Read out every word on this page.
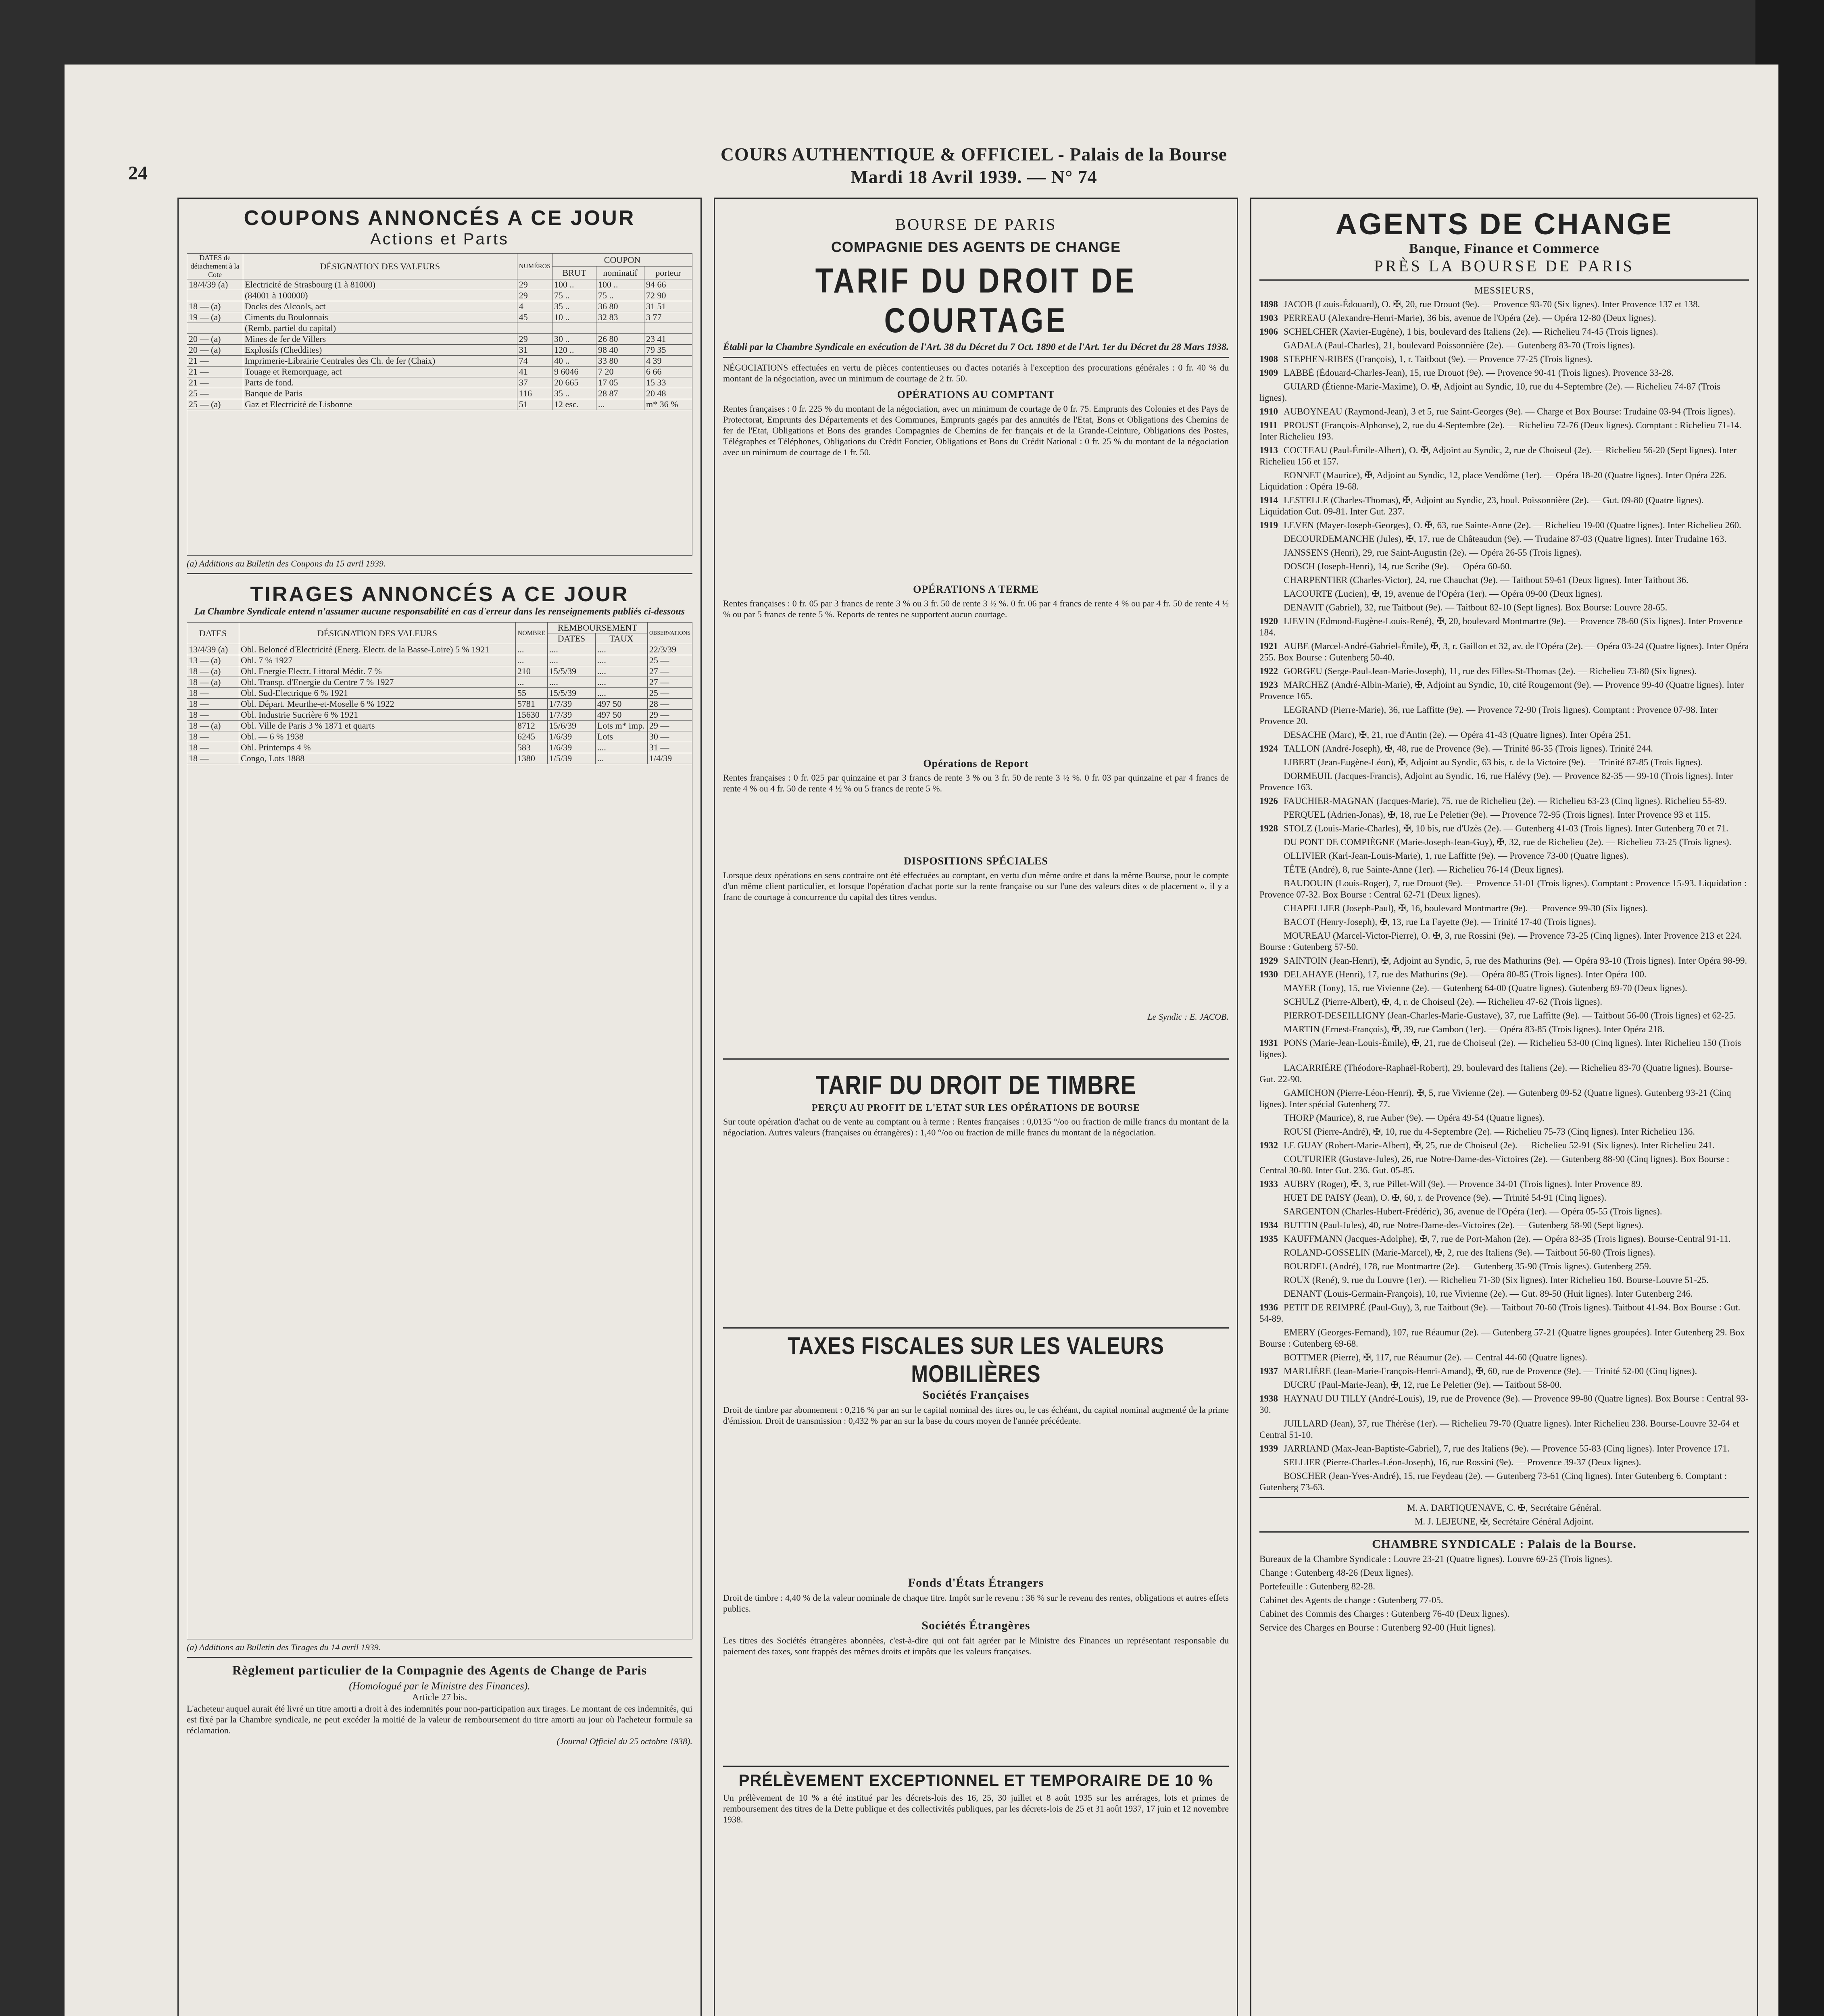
24
COURS AUTHENTIQUE & OFFICIEL - Palais de la Bourse
Mardi 18 Avril 1939. — N° 74
COUPONS ANNONCÉS A CE JOUR
Actions et Parts
DATES de détachement à la Cote	DÉSIGNATION DES VALEURS	NUMÉROS	COUPON		
			BRUT	nominatif	porteur
18/4/39 (a)	Electricité de Strasbourg (1 à 81000)	29	100 ..	100 ..	94 66
	(84001 à 100000)	29	75 ..	75 ..	72 90
18 — (a)	Docks des Alcools, act	4	35 ..	36 80	31 51
19 — (a)	Ciments du Boulonnais	45	10 ..	32 83	3 77
	(Remb. partiel du capital)				
20 — (a)	Mines de fer de Villers	29	30 ..	26 80	23 41
20 — (a)	Explosifs (Cheddites)	31	120 ..	98 40	79 35
21 —	Imprimerie-Librairie Centrales des Ch. de fer (Chaix)	74	40 ..	33 80	4 39
21 —	Touage et Remorquage, act	41	9 6046	7 20	6 66
21 —	Parts de fond.	37	20 665	17 05	15 33
25 —	Banque de Paris	116	35 ..	28 87	20 48
25 — (a)	Gaz et Electricité de Lisbonne	51	12 esc.	...	m* 36 %
(a) Additions au Bulletin des Coupons du 15 avril 1939.
TIRAGES ANNONCÉS A CE JOUR
La Chambre Syndicale entend n'assumer aucune responsabilité en cas d'erreur dans les renseignements publiés ci-dessous
DATES	DÉSIGNATION DES VALEURS	NOMBRE	REMBOURSEMENT		OBSERVATIONS
			DATES	TAUX	
13/4/39 (a)	Obl. Beloncé d'Electricité (Energ. Electr. de la Basse-Loire) 5 % 1921	...	....	....	22/3/39
13 — (a)	Obl. 7 % 1927	...	....	....	25 —
18 — (a)	Obl. Energie Electr. Littoral Médit. 7 %	210	15/5/39	....	27 —
18 — (a)	Obl. Transp. d'Energie du Centre 7 % 1927	...	....	....	27 —
18 —	Obl. Sud-Electrique 6 % 1921	55	15/5/39	....	25 —
18 —	Obl. Départ. Meurthe-et-Moselle 6 % 1922	5781	1/7/39	497 50	28 —
18 —	Obl. Industrie Sucrière 6 % 1921	15630	1/7/39	497 50	29 —
18 — (a)	Obl. Ville de Paris 3 % 1871 et quarts	8712	15/6/39	Lots m* imp.	29 —
18 —	Obl. — 6 % 1938	6245	1/6/39	Lots	30 —
18 —	Obl. Printemps 4 %	583	1/6/39	....	31 —
18 —	Congo, Lots 1888	1380	1/5/39	...	1/4/39
(a) Additions au Bulletin des Tirages du 14 avril 1939.
Règlement particulier de la Compagnie des Agents de Change de Paris
(Homologué par le Ministre des Finances).
Article 27 bis.

L'acheteur auquel aurait été livré un titre amorti a droit à des indemnités pour non-participation aux tirages. Le montant de ces indemnités, qui est fixé par la Chambre syndicale, ne peut excéder la moitié de la valeur de remboursement du titre amorti au jour où l'acheteur formule sa réclamation.

(Journal Officiel du 25 octobre 1938).

BOURSE DE PARIS
COMPAGNIE DES AGENTS DE CHANGE
TARIF DU DROIT DE COURTAGE
Établi par la Chambre Syndicale en exécution de l'Art. 38 du Décret du 7 Oct. 1890 et de l'Art. 1er du Décret du 28 Mars 1938.

NÉGOCIATIONS effectuées en vertu de pièces contentieuses ou d'actes notariés à l'exception des procurations générales : 0 fr. 40 % du montant de la négociation, avec un minimum de courtage de 2 fr. 50.

OPÉRATIONS AU COMPTANT

Rentes françaises : 0 fr. 225 % du montant de la négociation, avec un minimum de courtage de 0 fr. 75. Emprunts des Colonies et des Pays de Protectorat, Emprunts des Départements et des Communes, Emprunts gagés par des annuités de l'Etat, Bons et Obligations des Chemins de fer de l'Etat, Obligations et Bons des grandes Compagnies de Chemins de fer français et de la Grande-Ceinture, Obligations des Postes, Télégraphes et Téléphones, Obligations du Crédit Foncier, Obligations et Bons du Crédit National : 0 fr. 25 % du montant de la négociation avec un minimum de courtage de 1 fr. 50.

OPÉRATIONS A TERME

Rentes françaises : 0 fr. 05 par 3 francs de rente 3 % ou 3 fr. 50 de rente 3 ½ %. 0 fr. 06 par 4 francs de rente 4 % ou par 4 fr. 50 de rente 4 ½ % ou par 5 francs de rente 5 %. Reports de rentes ne supportent aucun courtage.

Opérations de Report

Rentes françaises : 0 fr. 025 par quinzaine et par 3 francs de rente 3 % ou 3 fr. 50 de rente 3 ½ %. 0 fr. 03 par quinzaine et par 4 francs de rente 4 % ou 4 fr. 50 de rente 4 ½ % ou 5 francs de rente 5 %.

DISPOSITIONS SPÉCIALES

Lorsque deux opérations en sens contraire ont été effectuées au comptant, en vertu d'un même ordre et dans la même Bourse, pour le compte d'un même client particulier, et lorsque l'opération d'achat porte sur la rente française ou sur l'une des valeurs dites « de placement », il y a franc de courtage à concurrence du capital des titres vendus.

Le Syndic : E. JACOB.

TARIF DU DROIT DE TIMBRE
PERÇU AU PROFIT DE L'ETAT SUR LES OPÉRATIONS DE BOURSE

Sur toute opération d'achat ou de vente au comptant ou à terme : Rentes françaises : 0,0135 °/oo ou fraction de mille francs du montant de la négociation. Autres valeurs (françaises ou étrangères) : 1,40 °/oo ou fraction de mille francs du montant de la négociation.

TAXES FISCALES SUR LES VALEURS MOBILIÈRES
Sociétés Françaises

Droit de timbre par abonnement : 0,216 % par an sur le capital nominal des titres ou, le cas échéant, du capital nominal augmenté de la prime d'émission. Droit de transmission : 0,432 % par an sur la base du cours moyen de l'année précédente.

Fonds d'États Étrangers

Droit de timbre : 4,40 % de la valeur nominale de chaque titre. Impôt sur le revenu : 36 % sur le revenu des rentes, obligations et autres effets publics.

Sociétés Étrangères

Les titres des Sociétés étrangères abonnées, c'est-à-dire qui ont fait agréer par le Ministre des Finances un représentant responsable du paiement des taxes, sont frappés des mêmes droits et impôts que les valeurs françaises.

PRÉLÈVEMENT EXCEPTIONNEL ET TEMPORAIRE DE 10 %

Un prélèvement de 10 % a été institué par les décrets-lois des 16, 25, 30 juillet et 8 août 1935 sur les arrérages, lots et primes de remboursement des titres de la Dette publique et des collectivités publiques, par les décrets-lois de 25 et 31 août 1937, 17 juin et 12 novembre 1938.

AGENTS DE CHANGE
Banque, Finance et Commerce
PRÈS LA BOURSE DE PARIS
MESSIEURS,

1898 JACOB (Louis-Édouard), O. ✠, 20, rue Drouot (9e). — Provence 93-70 (Six lignes). Inter Provence 137 et 138.

1903 PERREAU (Alexandre-Henri-Marie), 36 bis, avenue de l'Opéra (2e). — Opéra 12-80 (Deux lignes).

1906 SCHELCHER (Xavier-Eugène), 1 bis, boulevard des Italiens (2e). — Richelieu 74-45 (Trois lignes).

GADALA (Paul-Charles), 21, boulevard Poissonnière (2e). — Gutenberg 83-70 (Trois lignes).

1908 STEPHEN-RIBES (François), 1, r. Taitbout (9e). — Provence 77-25 (Trois lignes).

1909 LABBÉ (Édouard-Charles-Jean), 15, rue Drouot (9e). — Provence 90-41 (Trois lignes). Provence 33-28.

GUIARD (Étienne-Marie-Maxime), O. ✠, Adjoint au Syndic, 10, rue du 4-Septembre (2e). — Richelieu 74-87 (Trois lignes).

1910 AUBOYNEAU (Raymond-Jean), 3 et 5, rue Saint-Georges (9e). — Charge et Box Bourse: Trudaine 03-94 (Trois lignes).

1911 PROUST (François-Alphonse), 2, rue du 4-Septembre (2e). — Richelieu 72-76 (Deux lignes). Comptant : Richelieu 71-14. Inter Richelieu 193.

1913 COCTEAU (Paul-Émile-Albert), O. ✠, Adjoint au Syndic, 2, rue de Choiseul (2e). — Richelieu 56-20 (Sept lignes). Inter Richelieu 156 et 157.

EONNET (Maurice), ✠, Adjoint au Syndic, 12, place Vendôme (1er). — Opéra 18-20 (Quatre lignes). Inter Opéra 226. Liquidation : Opéra 19-68.

1914 LESTELLE (Charles-Thomas), ✠, Adjoint au Syndic, 23, boul. Poissonnière (2e). — Gut. 09-80 (Quatre lignes). Liquidation Gut. 09-81. Inter Gut. 237.

1919 LEVEN (Mayer-Joseph-Georges), O. ✠, 63, rue Sainte-Anne (2e). — Richelieu 19-00 (Quatre lignes). Inter Richelieu 260.

DECOURDEMANCHE (Jules), ✠, 17, rue de Châteaudun (9e). — Trudaine 87-03 (Quatre lignes). Inter Trudaine 163.

JANSSENS (Henri), 29, rue Saint-Augustin (2e). — Opéra 26-55 (Trois lignes).

DOSCH (Joseph-Henri), 14, rue Scribe (9e). — Opéra 60-60.

CHARPENTIER (Charles-Victor), 24, rue Chauchat (9e). — Taitbout 59-61 (Deux lignes). Inter Taitbout 36.

LACOURTE (Lucien), ✠, 19, avenue de l'Opéra (1er). — Opéra 09-00 (Deux lignes).

DENAVIT (Gabriel), 32, rue Taitbout (9e). — Taitbout 82-10 (Sept lignes). Box Bourse: Louvre 28-65.

1920 LIEVIN (Edmond-Eugène-Louis-René), ✠, 20, boulevard Montmartre (9e). — Provence 78-60 (Six lignes). Inter Provence 184.

1921 AUBE (Marcel-André-Gabriel-Émile), ✠, 3, r. Gaillon et 32, av. de l'Opéra (2e). — Opéra 03-24 (Quatre lignes). Inter Opéra 255. Box Bourse : Gutenberg 50-40.

1922 GORGEU (Serge-Paul-Jean-Marie-Joseph), 11, rue des Filles-St-Thomas (2e). — Richelieu 73-80 (Six lignes).

1923 MARCHEZ (André-Albin-Marie), ✠, Adjoint au Syndic, 10, cité Rougemont (9e). — Provence 99-40 (Quatre lignes). Inter Provence 165.

LEGRAND (Pierre-Marie), 36, rue Laffitte (9e). — Provence 72-90 (Trois lignes). Comptant : Provence 07-98. Inter Provence 20.

DESACHE (Marc), ✠, 21, rue d'Antin (2e). — Opéra 41-43 (Quatre lignes). Inter Opéra 251.

1924 TALLON (André-Joseph), ✠, 48, rue de Provence (9e). — Trinité 86-35 (Trois lignes). Trinité 244.

LIBERT (Jean-Eugène-Léon), ✠, Adjoint au Syndic, 63 bis, r. de la Victoire (9e). — Trinité 87-85 (Trois lignes).

DORMEUIL (Jacques-Francis), Adjoint au Syndic, 16, rue Halévy (9e). — Provence 82-35 — 99-10 (Trois lignes). Inter Provence 163.

1926 FAUCHIER-MAGNAN (Jacques-Marie), 75, rue de Richelieu (2e). — Richelieu 63-23 (Cinq lignes). Richelieu 55-89.

PERQUEL (Adrien-Jonas), ✠, 18, rue Le Peletier (9e). — Provence 72-95 (Trois lignes). Inter Provence 93 et 115.

1928 STOLZ (Louis-Marie-Charles), ✠, 10 bis, rue d'Uzès (2e). — Gutenberg 41-03 (Trois lignes). Inter Gutenberg 70 et 71.

DU PONT DE COMPIÈGNE (Marie-Joseph-Jean-Guy), ✠, 32, rue de Richelieu (2e). — Richelieu 73-25 (Trois lignes).

OLLIVIER (Karl-Jean-Louis-Marie), 1, rue Laffitte (9e). — Provence 73-00 (Quatre lignes).

TÊTE (André), 8, rue Sainte-Anne (1er). — Richelieu 76-14 (Deux lignes).

BAUDOUIN (Louis-Roger), 7, rue Drouot (9e). — Provence 51-01 (Trois lignes). Comptant : Provence 15-93. Liquidation : Provence 07-32. Box Bourse : Central 62-71 (Deux lignes).

CHAPELLIER (Joseph-Paul), ✠, 16, boulevard Montmartre (9e). — Provence 99-30 (Six lignes).

BACOT (Henry-Joseph), ✠, 13, rue La Fayette (9e). — Trinité 17-40 (Trois lignes).

MOUREAU (Marcel-Victor-Pierre), O. ✠, 3, rue Rossini (9e). — Provence 73-25 (Cinq lignes). Inter Provence 213 et 224. Bourse : Gutenberg 57-50.

1929 SAINTOIN (Jean-Henri), ✠, Adjoint au Syndic, 5, rue des Mathurins (9e). — Opéra 93-10 (Trois lignes). Inter Opéra 98-99.

1930 DELAHAYE (Henri), 17, rue des Mathurins (9e). — Opéra 80-85 (Trois lignes). Inter Opéra 100.

MAYER (Tony), 15, rue Vivienne (2e). — Gutenberg 64-00 (Quatre lignes). Gutenberg 69-70 (Deux lignes).

SCHULZ (Pierre-Albert), ✠, 4, r. de Choiseul (2e). — Richelieu 47-62 (Trois lignes).

PIERROT-DESEILLIGNY (Jean-Charles-Marie-Gustave), 37, rue Laffitte (9e). — Taitbout 56-00 (Trois lignes) et 62-25.

MARTIN (Ernest-François), ✠, 39, rue Cambon (1er). — Opéra 83-85 (Trois lignes). Inter Opéra 218.

1931 PONS (Marie-Jean-Louis-Émile), ✠, 21, rue de Choiseul (2e). — Richelieu 53-00 (Cinq lignes). Inter Richelieu 150 (Trois lignes).

LACARRIÈRE (Théodore-Raphaël-Robert), 29, boulevard des Italiens (2e). — Richelieu 83-70 (Quatre lignes). Bourse-Gut. 22-90.

GAMICHON (Pierre-Léon-Henri), ✠, 5, rue Vivienne (2e). — Gutenberg 09-52 (Quatre lignes). Gutenberg 93-21 (Cinq lignes). Inter spécial Gutenberg 77.

THORP (Maurice), 8, rue Auber (9e). — Opéra 49-54 (Quatre lignes).

ROUSI (Pierre-André), ✠, 10, rue du 4-Septembre (2e). — Richelieu 75-73 (Cinq lignes). Inter Richelieu 136.

1932 LE GUAY (Robert-Marie-Albert), ✠, 25, rue de Choiseul (2e). — Richelieu 52-91 (Six lignes). Inter Richelieu 241.

COUTURIER (Gustave-Jules), 26, rue Notre-Dame-des-Victoires (2e). — Gutenberg 88-90 (Cinq lignes). Box Bourse : Central 30-80. Inter Gut. 236. Gut. 05-85.

1933 AUBRY (Roger), ✠, 3, rue Pillet-Will (9e). — Provence 34-01 (Trois lignes). Inter Provence 89.

HUET DE PAISY (Jean), O. ✠, 60, r. de Provence (9e). — Trinité 54-91 (Cinq lignes).

SARGENTON (Charles-Hubert-Frédéric), 36, avenue de l'Opéra (1er). — Opéra 05-55 (Trois lignes).

1934 BUTTIN (Paul-Jules), 40, rue Notre-Dame-des-Victoires (2e). — Gutenberg 58-90 (Sept lignes).

1935 KAUFFMANN (Jacques-Adolphe), ✠, 7, rue de Port-Mahon (2e). — Opéra 83-35 (Trois lignes). Bourse-Central 91-11.

ROLAND-GOSSELIN (Marie-Marcel), ✠, 2, rue des Italiens (9e). — Taitbout 56-80 (Trois lignes).

BOURDEL (André), 178, rue Montmartre (2e). — Gutenberg 35-90 (Trois lignes). Gutenberg 259.

ROUX (René), 9, rue du Louvre (1er). — Richelieu 71-30 (Six lignes). Inter Richelieu 160. Bourse-Louvre 51-25.

DENANT (Louis-Germain-François), 10, rue Vivienne (2e). — Gut. 89-50 (Huit lignes). Inter Gutenberg 246.

1936 PETIT DE REIMPRÉ (Paul-Guy), 3, rue Taitbout (9e). — Taitbout 70-60 (Trois lignes). Taitbout 41-94. Box Bourse : Gut. 54-89.

EMERY (Georges-Fernand), 107, rue Réaumur (2e). — Gutenberg 57-21 (Quatre lignes groupées). Inter Gutenberg 29. Box Bourse : Gutenberg 69-68.

BOTTMER (Pierre), ✠, 117, rue Réaumur (2e). — Central 44-60 (Quatre lignes).

1937 MARLIÈRE (Jean-Marie-François-Henri-Amand), ✠, 60, rue de Provence (9e). — Trinité 52-00 (Cinq lignes).

DUCRU (Paul-Marie-Jean), ✠, 12, rue Le Peletier (9e). — Taitbout 58-00.

1938 HAYNAU DU TILLY (André-Louis), 19, rue de Provence (9e). — Provence 99-80 (Quatre lignes). Box Bourse : Central 93-30.

JUILLARD (Jean), 37, rue Thérèse (1er). — Richelieu 79-70 (Quatre lignes). Inter Richelieu 238. Bourse-Louvre 32-64 et Central 51-10.

1939 JARRIAND (Max-Jean-Baptiste-Gabriel), 7, rue des Italiens (9e). — Provence 55-83 (Cinq lignes). Inter Provence 171.

SELLIER (Pierre-Charles-Léon-Joseph), 16, rue Rossini (9e). — Provence 39-37 (Deux lignes).

BOSCHER (Jean-Yves-André), 15, rue Feydeau (2e). — Gutenberg 73-61 (Cinq lignes). Inter Gutenberg 6. Comptant : Gutenberg 73-63.

M. A. DARTIQUENAVE, C. ✠, Secrétaire Général.

M. J. LEJEUNE, ✠, Secrétaire Général Adjoint.

CHAMBRE SYNDICALE : Palais de la Bourse.

Bureaux de la Chambre Syndicale : Louvre 23-21 (Quatre lignes). Louvre 69-25 (Trois lignes).

Change : Gutenberg 48-26 (Deux lignes).

Portefeuille : Gutenberg 82-28.

Cabinet des Agents de change : Gutenberg 77-05.

Cabinet des Commis des Charges : Gutenberg 76-40 (Deux lignes).

Service des Charges en Bourse : Gutenberg 92-00 (Huit lignes).
